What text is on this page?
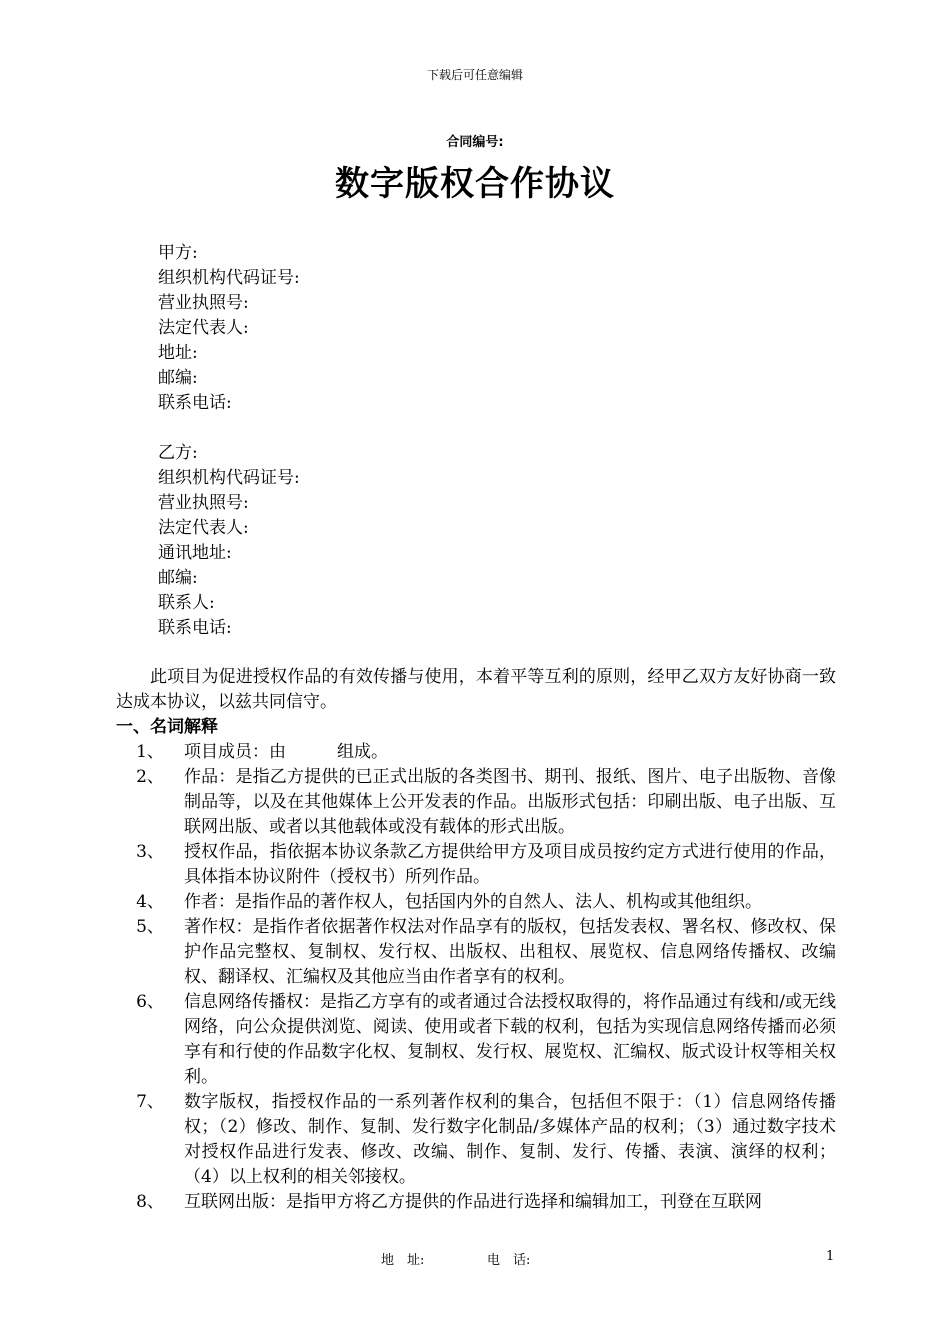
下载后可任意编辑
合同编号:
数字版权合作协议
甲方:
组织机构代码证号:
营业执照号:
法定代表人:
地址:
邮编:
联系电话:
乙方:
组织机构代码证号:
营业执照号:
法定代表人:
通讯地址:
邮编:
联系人:
联系电话:
此项目为促进授权作品的有效传播与使用，本着平等互利的原则，经甲乙双方友好协商一致达成本协议，以兹共同信守。
一、名词解释
1、	项目成员：由　　　组成。
2、	作品：是指乙方提供的已正式出版的各类图书、期刊、报纸、图片、电子出版物、音像制品等，以及在其他媒体上公开发表的作品。出版形式包括：印刷出版、电子出版、互联网出版、或者以其他载体或没有载体的形式出版。
3、	授权作品，指依据本协议条款乙方提供给甲方及项目成员按约定方式进行使用的作品，具体指本协议附件（授权书）所列作品。
4、	作者：是指作品的著作权人，包括国内外的自然人、法人、机构或其他组织。
5、	著作权：是指作者依据著作权法对作品享有的版权，包括发表权、署名权、修改权、保护作品完整权、复制权、发行权、出版权、出租权、展览权、信息网络传播权、改编权、翻译权、汇编权及其他应当由作者享有的权利。
6、	信息网络传播权：是指乙方享有的或者通过合法授权取得的，将作品通过有线和/或无线网络，向公众提供浏览、阅读、使用或者下载的权利，包括为实现信息网络传播而必须享有和行使的作品数字化权、复制权、发行权、展览权、汇编权、版式设计权等相关权利。
7、	数字版权，指授权作品的一系列著作权利的集合，包括但不限于：（1）信息网络传播权；（2）修改、制作、复制、发行数字化制品/多媒体产品的权利；（3）通过数字技术对授权作品进行发表、修改、改编、制作、复制、发行、传播、表演、演绎的权利；（4）以上权利的相关邻接权。
8、	互联网出版：是指甲方将乙方提供的作品进行选择和编辑加工，刊登在互联网
地　址:	电　话:	1
